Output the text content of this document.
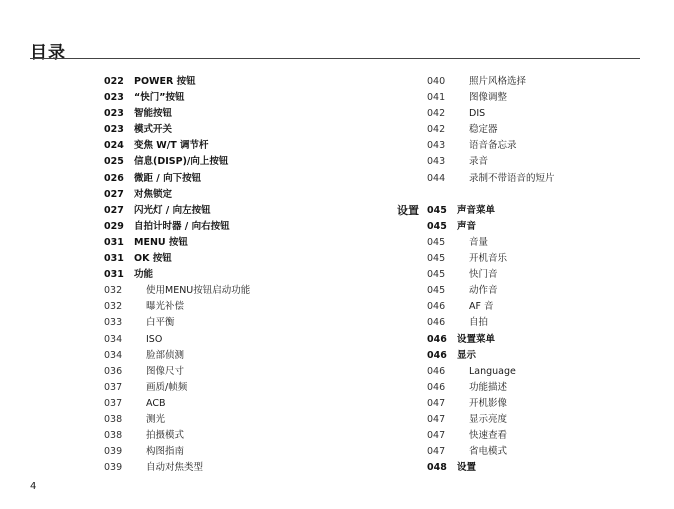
目录
022	POWER 按钮
023	“快门”按钮
023	智能按钮
023	模式开关
024	变焦 W/T 调节杆
025	信息(DISP)/向上按钮
026	微距 / 向下按钮
027	对焦锁定
027	闪光灯 / 向左按钮
029	自拍计时器 / 向右按钮
031	MENU 按钮
031	OK 按钮
031	功能
032	使用MENU按钮启动功能
032	曝光补偿
033	白平衡
034	ISO
034	脸部侦测
036	图像尺寸
037	画质/帧频
037	ACB
038	测光
038	拍摄模式
039	构图指南
039	自动对焦类型
设置
040	照片风格选择
041	图像调整
042	DIS
042	稳定器
043	语音备忘录
043	录音
044	录制不带语音的短片
045	声音菜单
045	声音
045	音量
045	开机音乐
045	快门音
045	动作音
046	AF 音
046	自拍
046	设置菜单
046	显示
046	Language
046	功能描述
047	开机影像
047	显示亮度
047	快速查看
047	省电模式
048	设置
4
